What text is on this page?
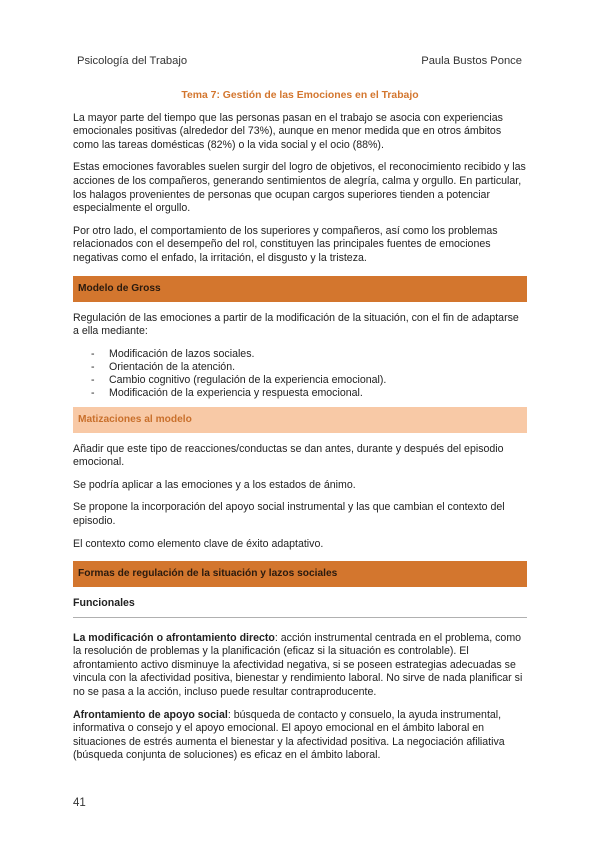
Psicología del Trabajo	Paula Bustos Ponce
Tema 7: Gestión de las Emociones en el Trabajo

La mayor parte del tiempo que las personas pasan en el trabajo se asocia con experiencias emocionales positivas (alrededor del 73%), aunque en menor medida que en otros ámbitos como las tareas domésticas (82%) o la vida social y el ocio (88%).

Estas emociones favorables suelen surgir del logro de objetivos, el reconocimiento recibido y las acciones de los compañeros, generando sentimientos de alegría, calma y orgullo. En particular, los halagos provenientes de personas que ocupan cargos superiores tienden a potenciar especialmente el orgullo.

Por otro lado, el comportamiento de los superiores y compañeros, así como los problemas relacionados con el desempeño del rol, constituyen las principales fuentes de emociones negativas como el enfado, la irritación, el disgusto y la tristeza.

Modelo de Gross

Regulación de las emociones a partir de la modificación de la situación, con el fin de adaptarse a ella mediante:

- Modificación de lazos sociales.
- Orientación de la atención.
- Cambio cognitivo (regulación de la experiencia emocional).
- Modificación de la experiencia y respuesta emocional.
Matizaciones al modelo

Añadir que este tipo de reacciones/conductas se dan antes, durante y después del episodio emocional.

Se podría aplicar a las emociones y a los estados de ánimo.

Se propone la incorporación del apoyo social instrumental y las que cambian el contexto del episodio.

El contexto como elemento clave de éxito adaptativo.

Formas de regulación de la situación y lazos sociales
Funcionales

La modificación o afrontamiento directo: acción instrumental centrada en el problema, como la resolución de problemas y la planificación (eficaz si la situación es controlable). El afrontamiento activo disminuye la afectividad negativa, si se poseen estrategias adecuadas se vincula con la afectividad positiva, bienestar y rendimiento laboral. No sirve de nada planificar si no se pasa a la acción, incluso puede resultar contraproducente.

Afrontamiento de apoyo social: búsqueda de contacto y consuelo, la ayuda instrumental, informativa o consejo y el apoyo emocional. El apoyo emocional en el ámbito laboral en situaciones de estrés aumenta el bienestar y la afectividad positiva. La negociación afiliativa (búsqueda conjunta de soluciones) es eficaz en el ámbito laboral.

41
